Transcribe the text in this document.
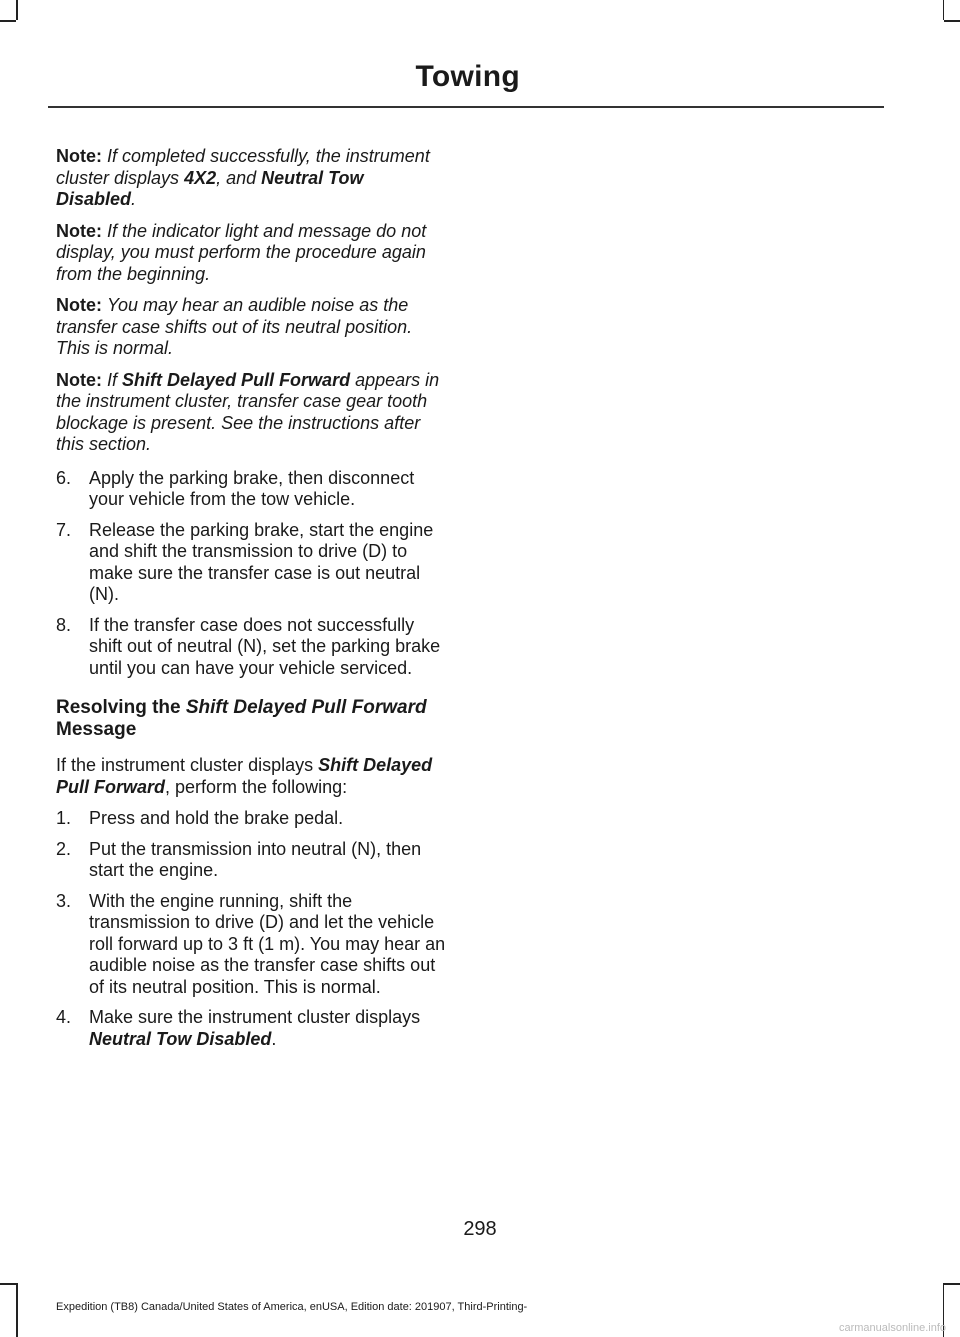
Towing

Note: If completed successfully, the instrument cluster displays 4X2, and Neutral Tow Disabled.

Note: If the indicator light and message do not display, you must perform the procedure again from the beginning.

Note: You may hear an audible noise as the transfer case shifts out of its neutral position. This is normal.

Note: If Shift Delayed Pull Forward appears in the instrument cluster, transfer case gear tooth blockage is present. See the instructions after this section.

6. Apply the parking brake, then disconnect your vehicle from the tow vehicle.
7. Release the parking brake, start the engine and shift the transmission to drive (D) to make sure the transfer case is out neutral (N).
8. If the transfer case does not successfully shift out of neutral (N), set the parking brake until you can have your vehicle serviced.
Resolving the Shift Delayed Pull Forward Message

If the instrument cluster displays Shift Delayed Pull Forward, perform the following:

1. Press and hold the brake pedal.
2. Put the transmission into neutral (N), then start the engine.
3. With the engine running, shift the transmission to drive (D) and let the vehicle roll forward up to 3 ft (1 m). You may hear an audible noise as the transfer case shifts out of its neutral position. This is normal.
4. Make sure the instrument cluster displays Neutral Tow Disabled.
298
Expedition (TB8) Canada/United States of America, enUSA, Edition date: 201907, Third-Printing-
carmanualsonline.info
